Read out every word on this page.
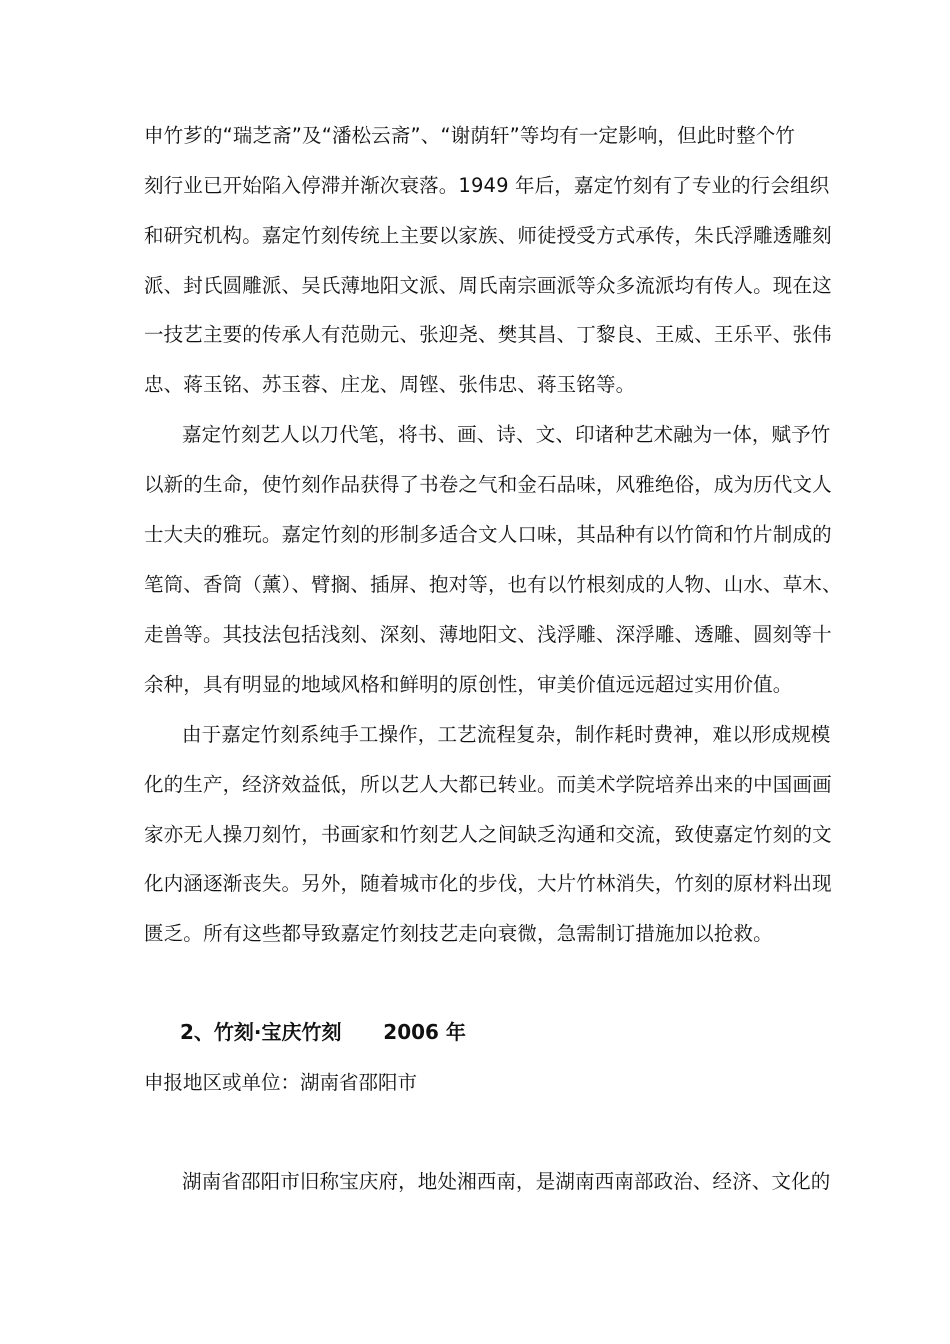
申竹芗的“瑞芝斋”及“潘松云斋”、“谢荫轩”等均有一定影响，但此时整个竹
刻行业已开始陷入停滞并渐次衰落。1949 年后，嘉定竹刻有了专业的行会组织
和研究机构。嘉定竹刻传统上主要以家族、师徒授受方式承传，朱氏浮雕透雕刻
派、封氏圆雕派、吴氏薄地阳文派、周氏南宗画派等众多流派均有传人。现在这
一技艺主要的传承人有范勋元、张迎尧、樊其昌、丁黎良、王威、王乐平、张伟
忠、蒋玉铭、苏玉蓉、庄龙、周铿、张伟忠、蒋玉铭等。
嘉定竹刻艺人以刀代笔，将书、画、诗、文、印诸种艺术融为一体，赋予竹
以新的生命，使竹刻作品获得了书卷之气和金石品味，风雅绝俗，成为历代文人
士大夫的雅玩。嘉定竹刻的形制多适合文人口味，其品种有以竹筒和竹片制成的
笔筒、香筒（薰）、臂搁、插屏、抱对等，也有以竹根刻成的人物、山水、草木、
走兽等。其技法包括浅刻、深刻、薄地阳文、浅浮雕、深浮雕、透雕、圆刻等十
余种，具有明显的地域风格和鲜明的原创性，审美价值远远超过实用价值。
由于嘉定竹刻系纯手工操作，工艺流程复杂，制作耗时费神，难以形成规模
化的生产，经济效益低，所以艺人大都已转业。而美术学院培养出来的中国画画
家亦无人操刀刻竹，书画家和竹刻艺人之间缺乏沟通和交流，致使嘉定竹刻的文
化内涵逐渐丧失。另外，随着城市化的步伐，大片竹林消失，竹刻的原材料出现
匮乏。所有这些都导致嘉定竹刻技艺走向衰微，急需制订措施加以抢救。
2、竹刻·宝庆竹刻      2006 年
申报地区或单位：湖南省邵阳市
湖南省邵阳市旧称宝庆府，地处湘西南，是湖南西南部政治、经济、文化的
